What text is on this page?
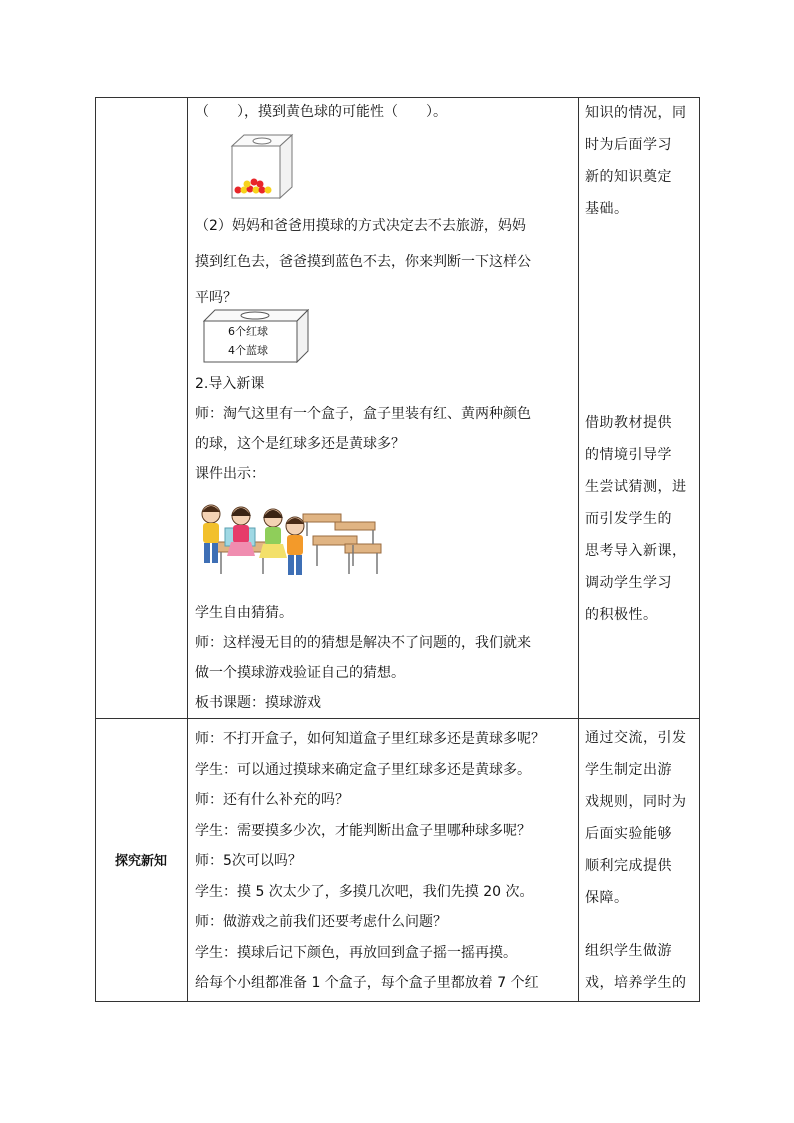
（　　），摸到黄色球的可能性（　　）。

（2）妈妈和爸爸用摸球的方式决定去不去旅游，妈妈

摸到红色去，爸爸摸到蓝色不去，你来判断一下这样公

平吗？

6个红球
4个蓝球

2.导入新课

师：淘气这里有一个盒子，盒子里装有红、黄两种颜色

的球，这个是红球多还是黄球多？

课件出示：

学生自由猜猜。

师：这样漫无目的的猜想是解决不了问题的，我们就来

做一个摸球游戏验证自己的猜想。

板书课题：摸球游戏

知识的情况，同

时为后面学习

新的知识奠定

基础。

借助教材提供

的情境引导学

生尝试猜测，进

而引发学生的

思考导入新课，

调动学生学习

的积极性。

探究新知

师：不打开盒子，如何知道盒子里红球多还是黄球多呢？

学生：可以通过摸球来确定盒子里红球多还是黄球多。

师：还有什么补充的吗？

学生：需要摸多少次，才能判断出盒子里哪种球多呢？

师：5次可以吗？

学生：摸 5 次太少了，多摸几次吧，我们先摸 20 次。

师：做游戏之前我们还要考虑什么问题？

学生：摸球后记下颜色，再放回到盒子摇一摇再摸。

给每个小组都准备 1 个盒子，每个盒子里都放着 7 个红

通过交流，引发

学生制定出游

戏规则，同时为

后面实验能够

顺利完成提供

保障。

组织学生做游

戏，培养学生的
